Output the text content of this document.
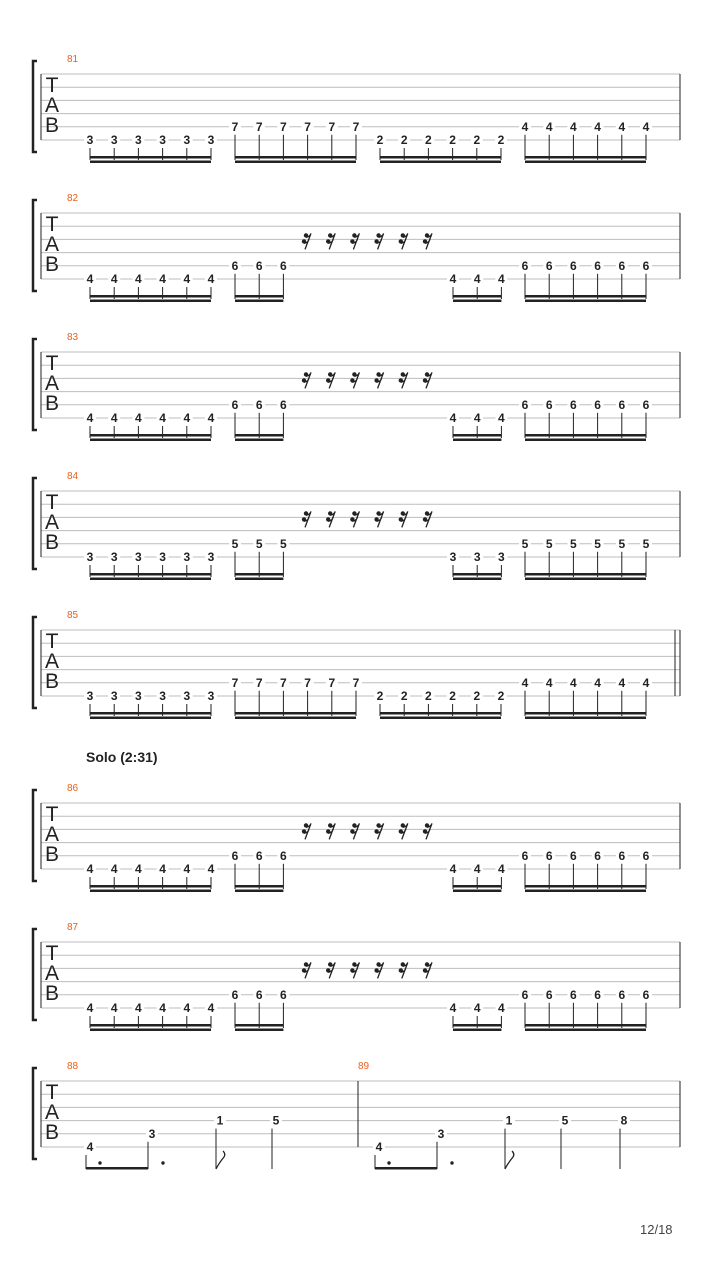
T
A
B
81
3 3 3 3 3 3
7 7 7 7 7 7
2 2 2 2 2 2
4 4 4 4 4 4
T
A
B
82
4 4 4 4 4 4
6 6 6
4 4 4
6 6 6 6 6 6
T
A
B
83
4 4 4 4 4 4
6 6 6
4 4 4
6 6 6 6 6 6
T
A
B
84
3 3 3 3 3 3
5 5 5
3 3 3
5 5 5 5 5 5
T
A
B
85
3 3 3 3 3 3
7 7 7 7 7 7
2 2 2 2 2 2
4 4 4 4 4 4
T
A
B
86
4 4 4 4 4 4
6 6 6
4 4 4
6 6 6 6 6 6
T
A
B
87
4 4 4 4 4 4
6 6 6
4 4 4
6 6 6 6 6 6
T
A
B
88
4
3
1	5
89
4
3
1	5	8
Solo (2:31)
12/18
